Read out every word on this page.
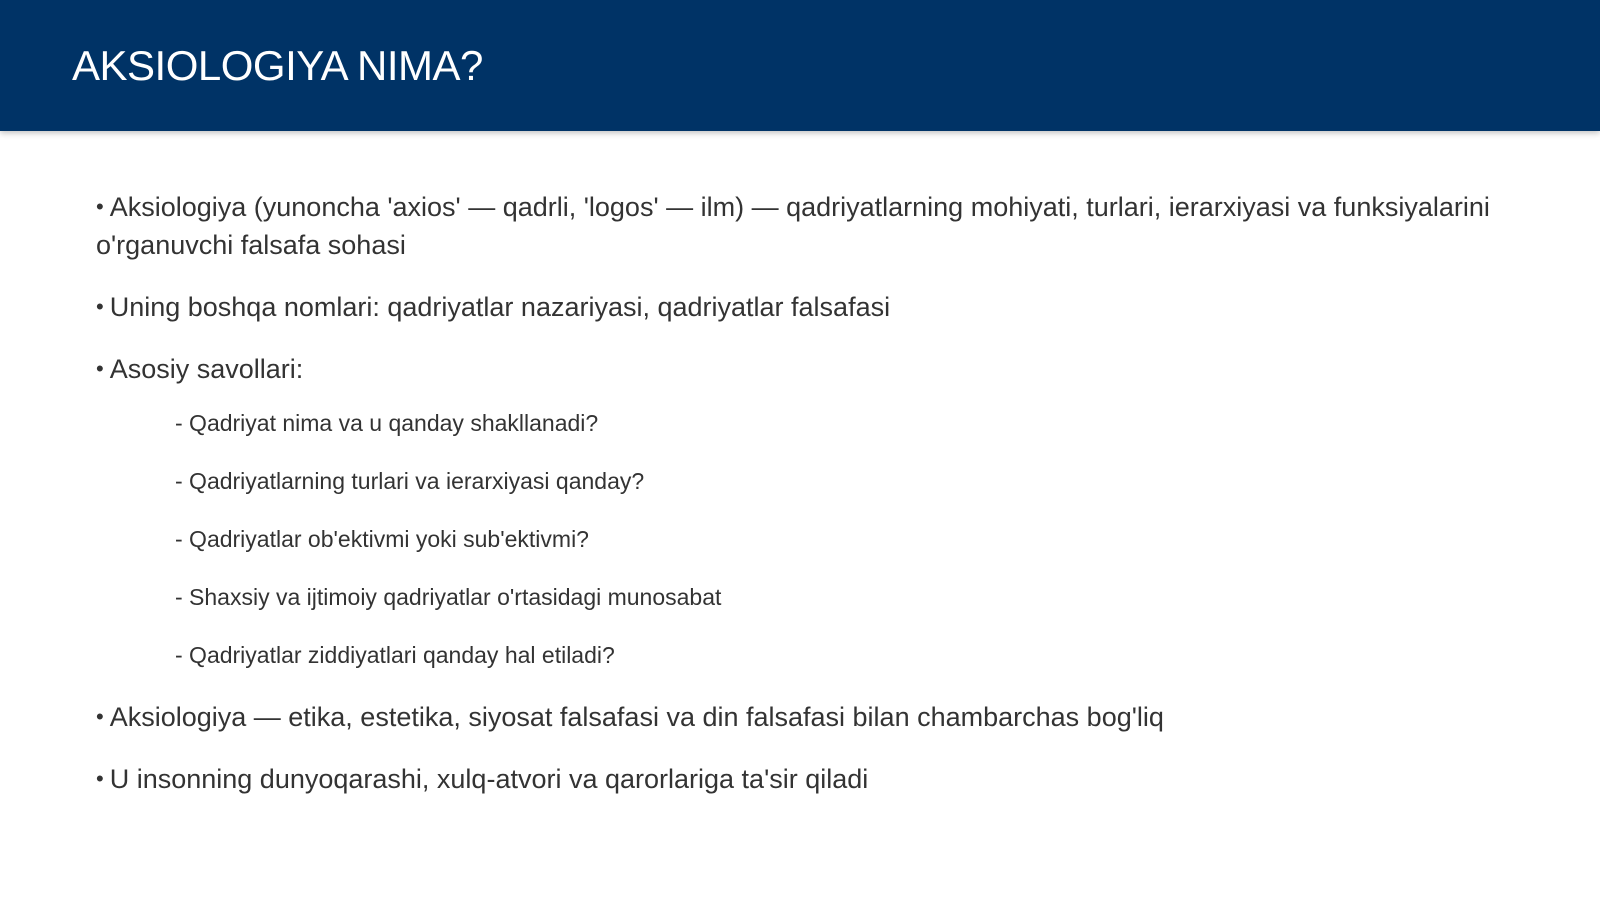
AKSIOLOGIYA NIMA?

• Aksiologiya (yunoncha 'axios' — qadrli, 'logos' — ilm) — qadriyatlarning mohiyati, turlari, ierarxiyasi va funksiyalarini o'rganuvchi falsafa sohasi

• Uning boshqa nomlari: qadriyatlar nazariyasi, qadriyatlar falsafasi

• Asosiy savollari:

- Qadriyat nima va u qanday shakllanadi?
- Qadriyatlarning turlari va ierarxiyasi qanday?
- Qadriyatlar ob'ektivmi yoki sub'ektivmi?
- Shaxsiy va ijtimoiy qadriyatlar o'rtasidagi munosabat
- Qadriyatlar ziddiyatlari qanday hal etiladi?

• Aksiologiya — etika, estetika, siyosat falsafasi va din falsafasi bilan chambarchas bog'liq

• U insonning dunyoqarashi, xulq-atvori va qarorlariga ta'sir qiladi
